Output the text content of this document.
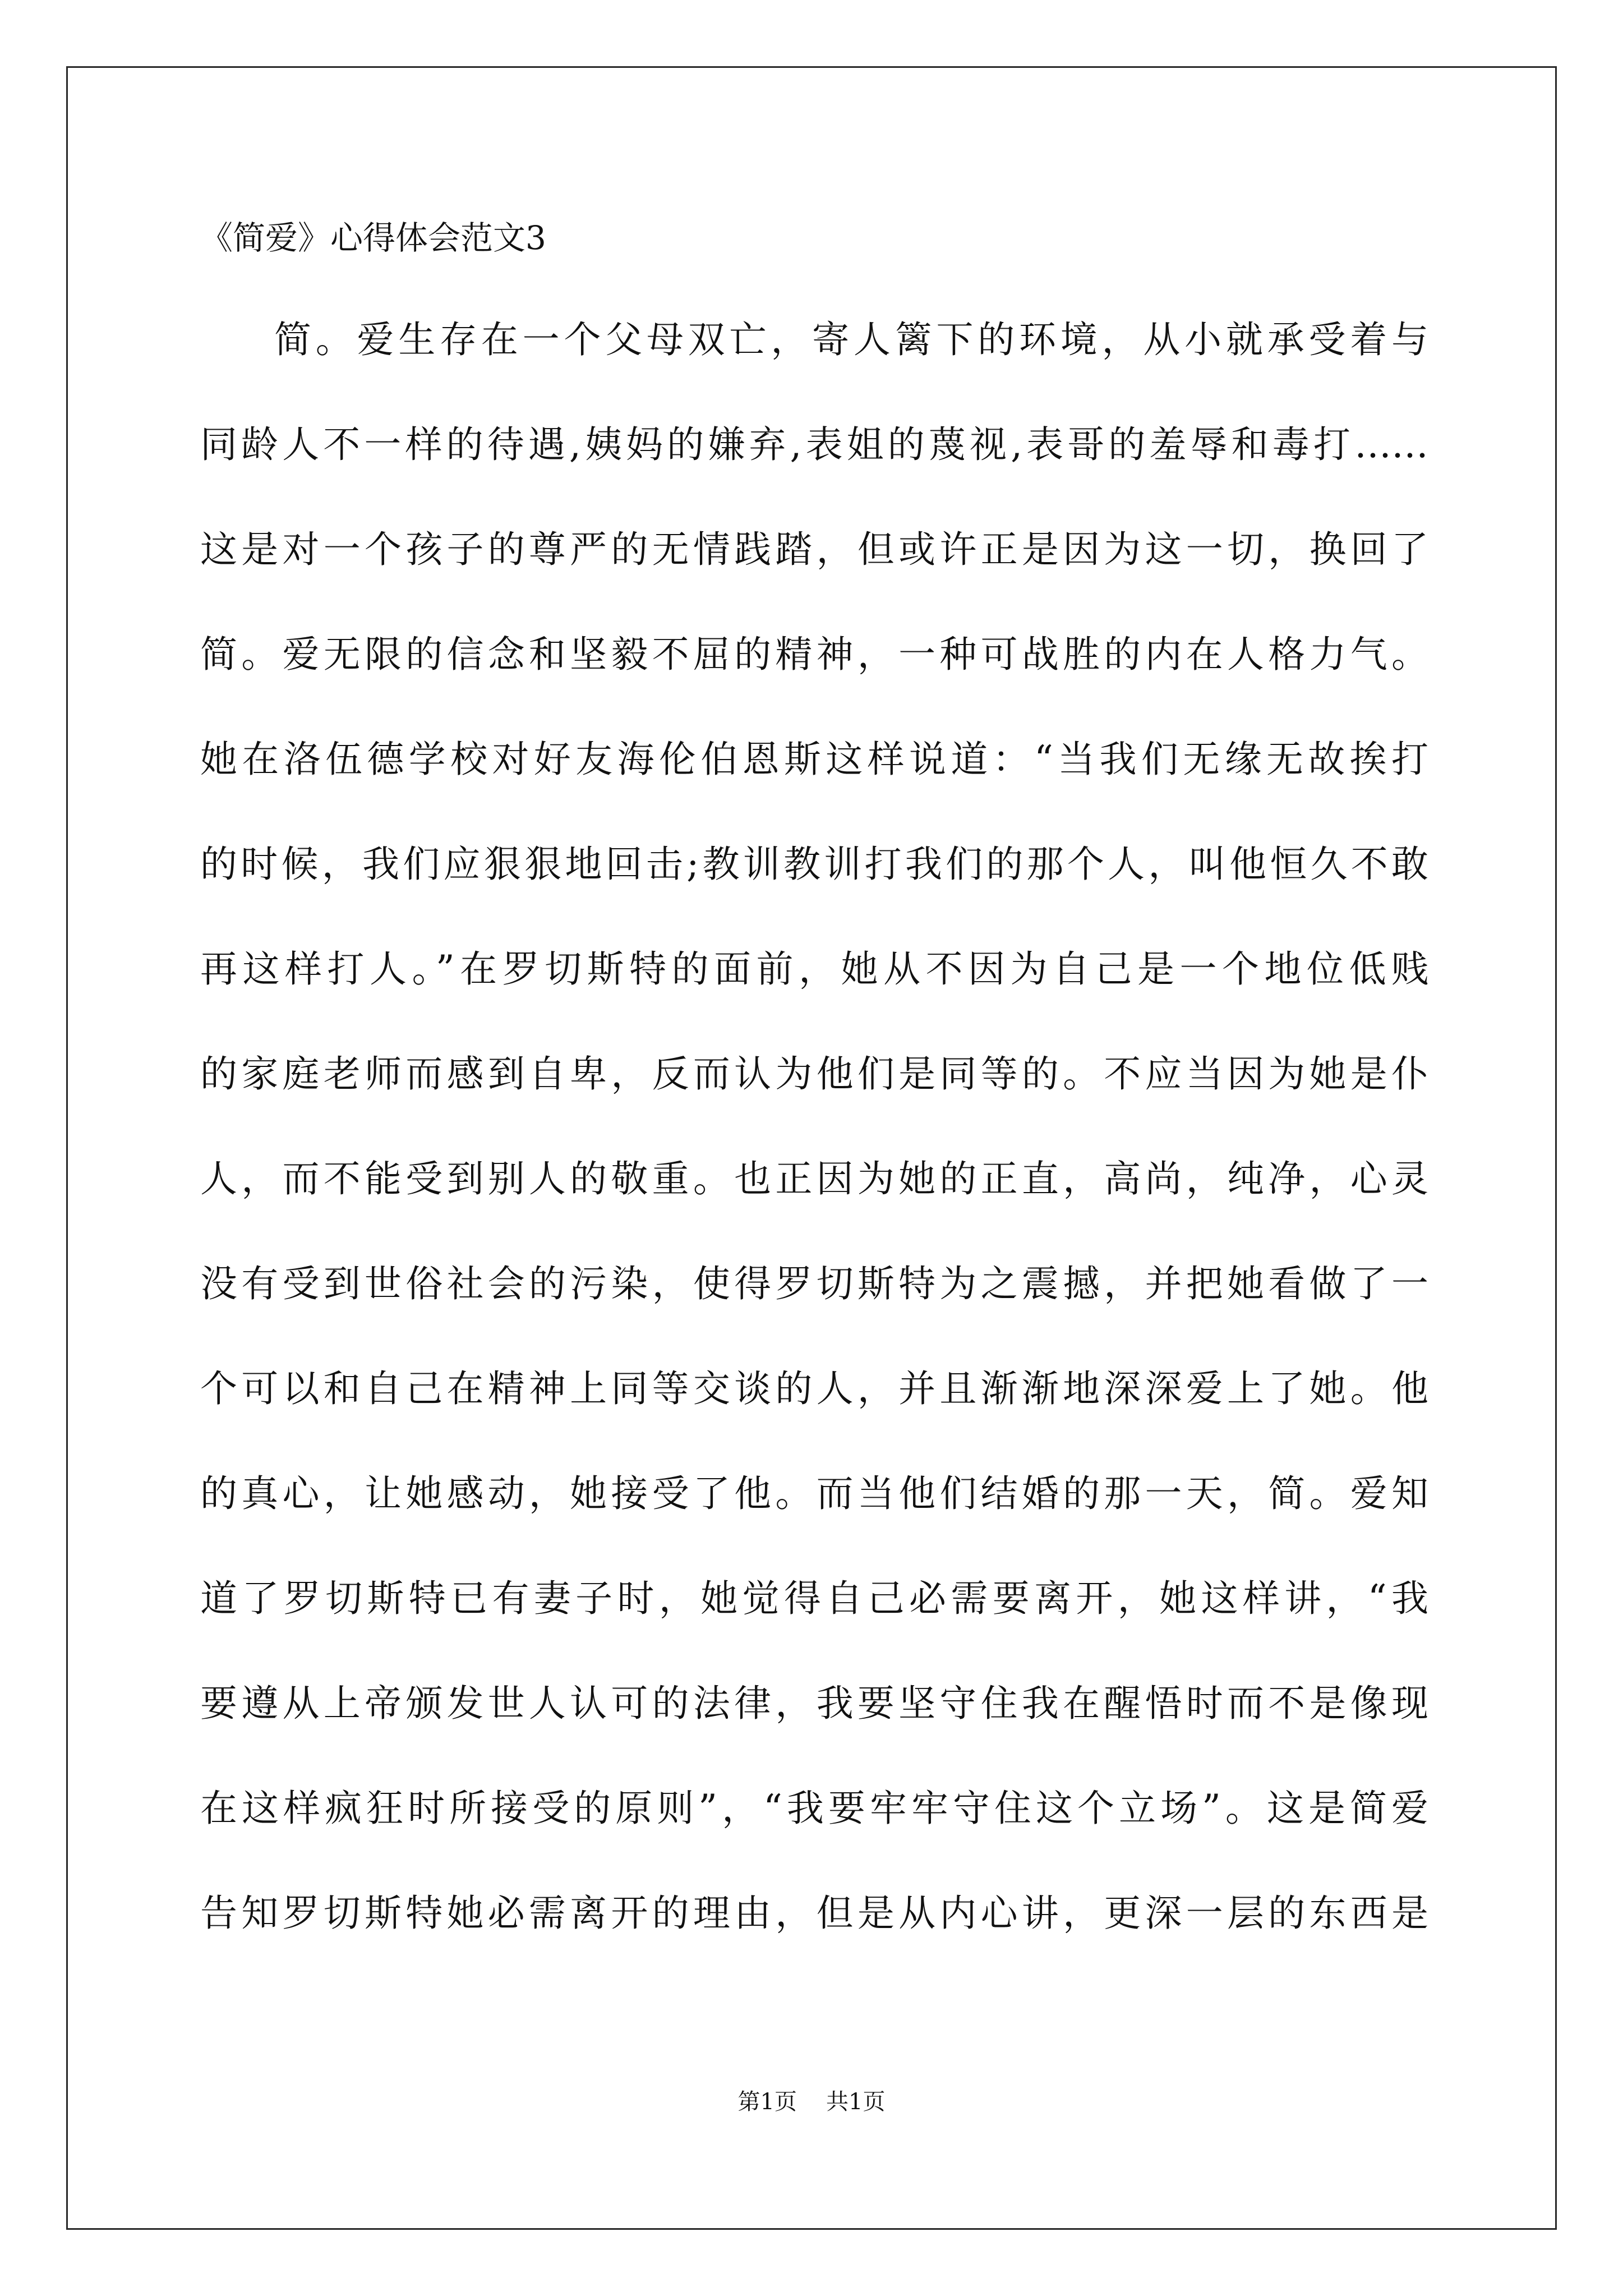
《简爱》心得体会范文3
简。爱生存在一个父母双亡，寄人篱下的环境，从小就承受着与
同龄人不一样的待遇,姨妈的嫌弃,表姐的蔑视,表哥的羞辱和毒打……
这是对一个孩子的尊严的无情践踏，但或许正是因为这一切，换回了
简。爱无限的信念和坚毅不屈的精神，一种可战胜的内在人格力气。
她在洛伍德学校对好友海伦伯恩斯这样说道：“当我们无缘无故挨打
的时候，我们应狠狠地回击;教训教训打我们的那个人，叫他恒久不敢
再这样打人。”在罗切斯特的面前，她从不因为自己是一个地位低贱
的家庭老师而感到自卑，反而认为他们是同等的。不应当因为她是仆
人，而不能受到别人的敬重。也正因为她的正直，高尚，纯净，心灵
没有受到世俗社会的污染，使得罗切斯特为之震撼，并把她看做了一
个可以和自己在精神上同等交谈的人，并且渐渐地深深爱上了她。他
的真心，让她感动，她接受了他。而当他们结婚的那一天，简。爱知
道了罗切斯特已有妻子时，她觉得自己必需要离开，她这样讲，“我
要遵从上帝颁发世人认可的法律，我要坚守住我在醒悟时而不是像现
在这样疯狂时所接受的原则”，“我要牢牢守住这个立场”。这是简爱
告知罗切斯特她必需离开的理由，但是从内心讲，更深一层的东西是
第1页 共1页
